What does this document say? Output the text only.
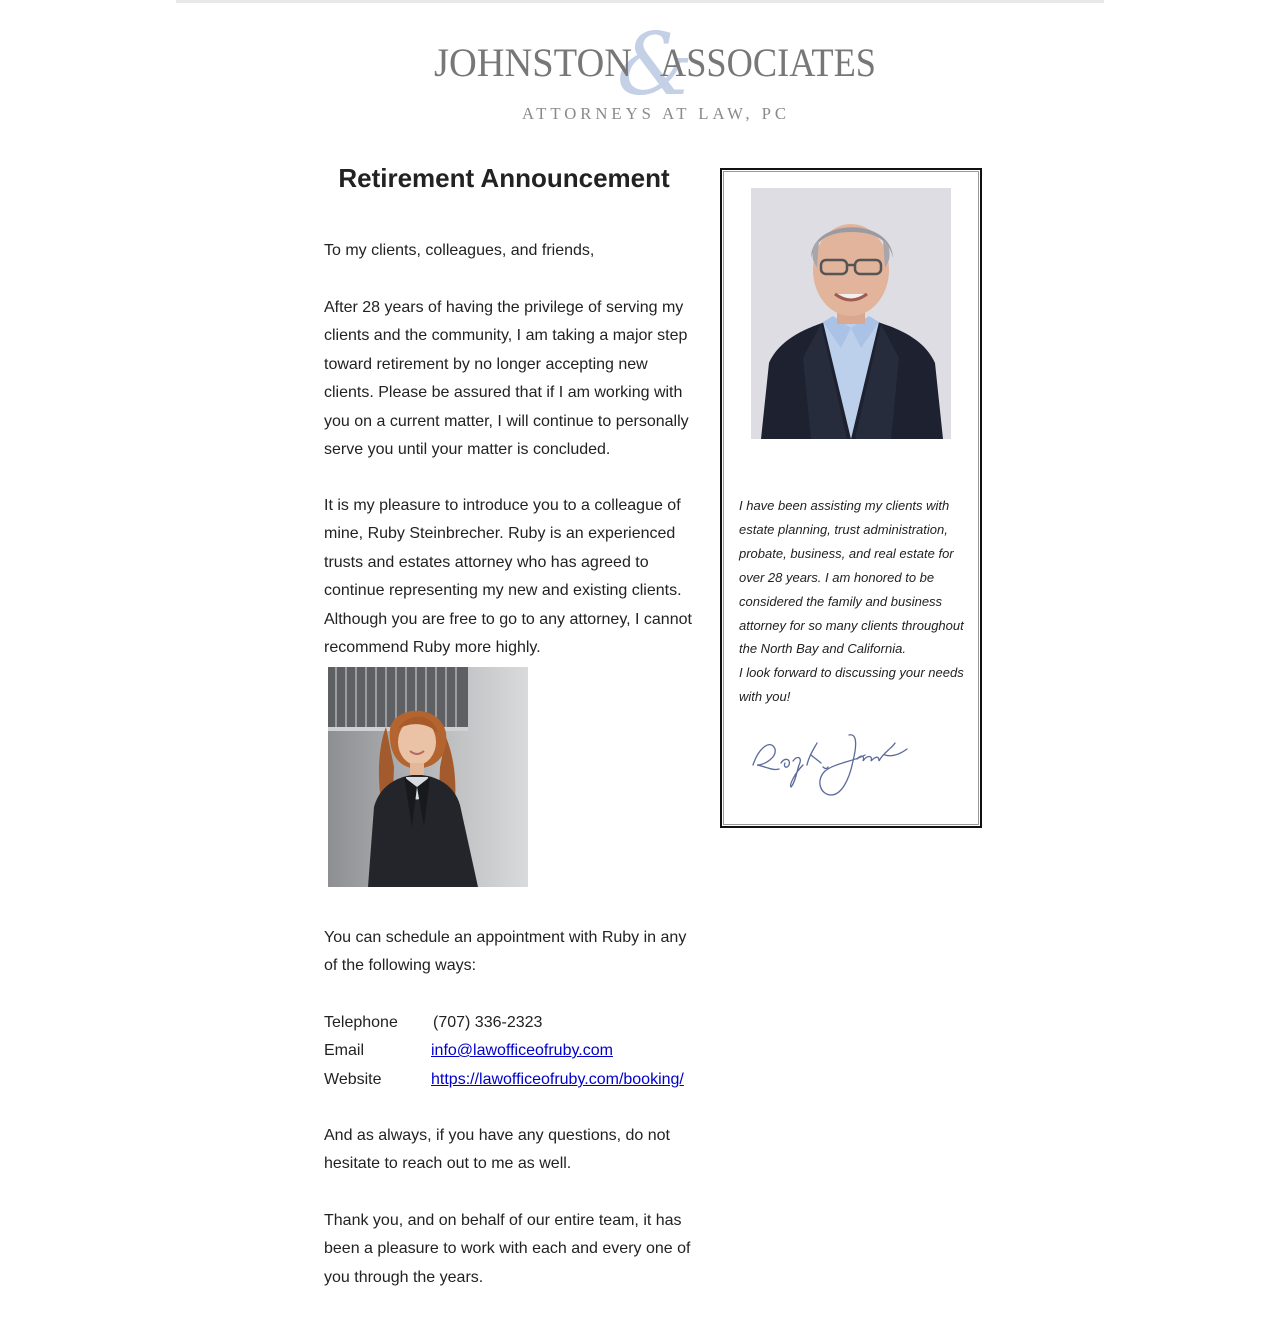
&
JOHNSTON ASSOCIATES
ATTORNEYS AT LAW, PC
Retirement Announcement

To my clients, colleagues, and friends,

After 28 years of having the privilege of serving my clients and the community, I am taking a major step toward retirement by no longer accepting new clients. Please be assured that if I am working with you on a current matter, I will continue to personally serve you until your matter is concluded.

It is my pleasure to introduce you to a colleague of mine, Ruby Steinbrecher. Ruby is an experienced trusts and estates attorney who has agreed to continue representing my new and existing clients. Although you are free to go to any attorney, I cannot recommend Ruby more highly.

You can schedule an appointment with Ruby in any of the following ways:

Telephone (707) 336-2323
Email	info@lawofficeofruby.com
Website	https://lawofficeofruby.com/booking/

And as always, if you have any questions, do not hesitate to reach out to me as well.

Thank you, and on behalf of our entire team, it has been a pleasure to work with each and every one of you through the years.

I have been assisting my clients with estate planning, trust administration, probate, business, and real estate for over 28 years. I am honored to be considered the family and business attorney for so many clients throughout the North Bay and California.

I look forward to discussing your needs with you!
